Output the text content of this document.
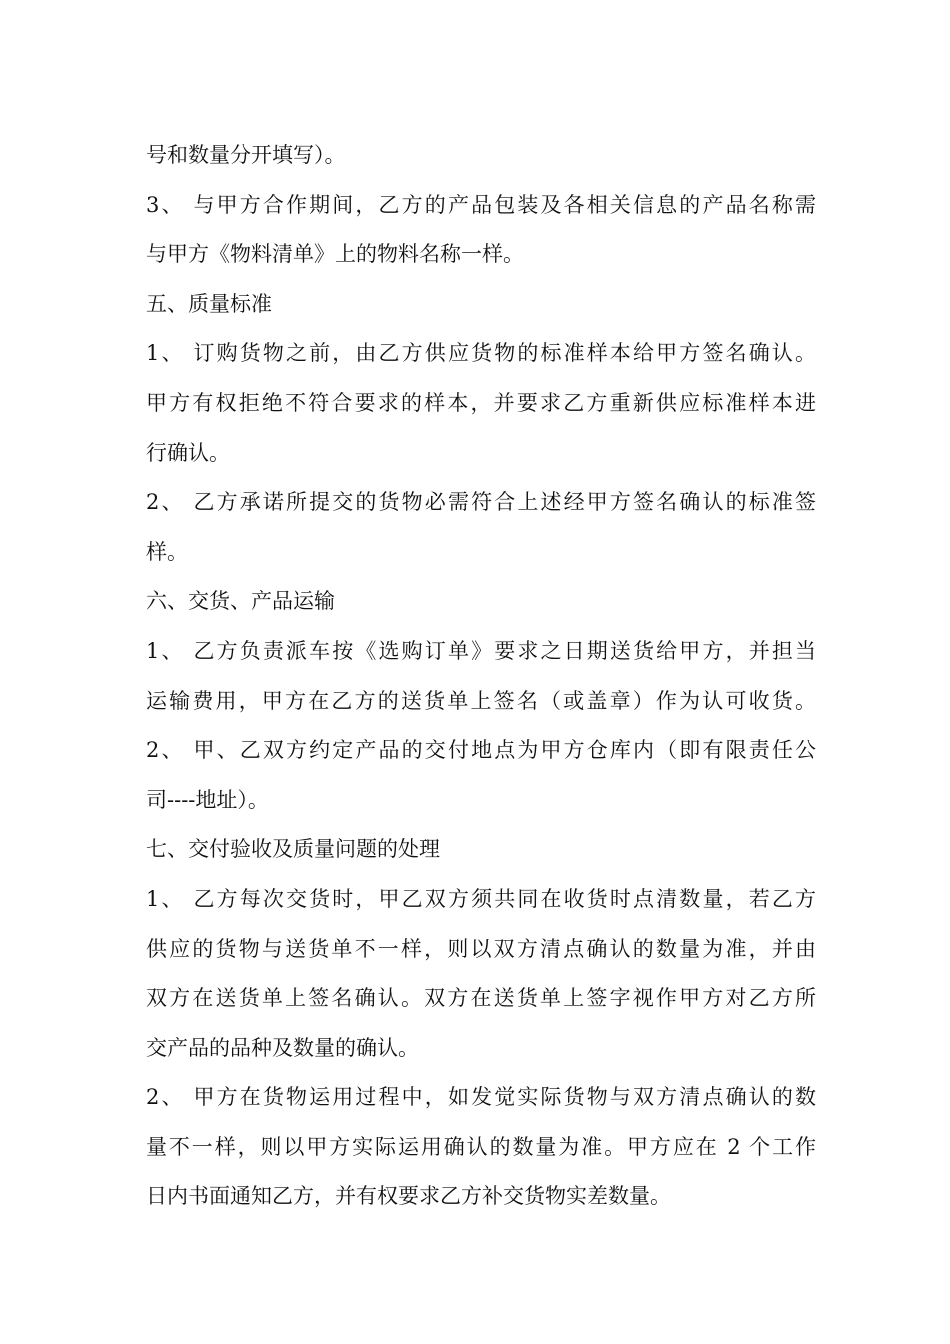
号和数量分开填写）。
3、 与甲方合作期间，乙方的产品包装及各相关信息的产品名称需
与甲方《物料清单》上的物料名称一样。
五、质量标准
1、 订购货物之前，由乙方供应货物的标准样本给甲方签名确认。
甲方有权拒绝不符合要求的样本，并要求乙方重新供应标准样本进
行确认。
2、 乙方承诺所提交的货物必需符合上述经甲方签名确认的标准签
样。
六、交货、产品运输
1、 乙方负责派车按《选购订单》要求之日期送货给甲方，并担当
运输费用，甲方在乙方的送货单上签名（或盖章）作为认可收货。
2、 甲、乙双方约定产品的交付地点为甲方仓库内（即有限责任公
司----地址）。
七、交付验收及质量问题的处理
1、 乙方每次交货时，甲乙双方须共同在收货时点清数量，若乙方
供应的货物与送货单不一样，则以双方清点确认的数量为准，并由
双方在送货单上签名确认。双方在送货单上签字视作甲方对乙方所
交产品的品种及数量的确认。
2、 甲方在货物运用过程中，如发觉实际货物与双方清点确认的数
量不一样，则以甲方实际运用确认的数量为准。甲方应在 2 个工作
日内书面通知乙方，并有权要求乙方补交货物实差数量。
